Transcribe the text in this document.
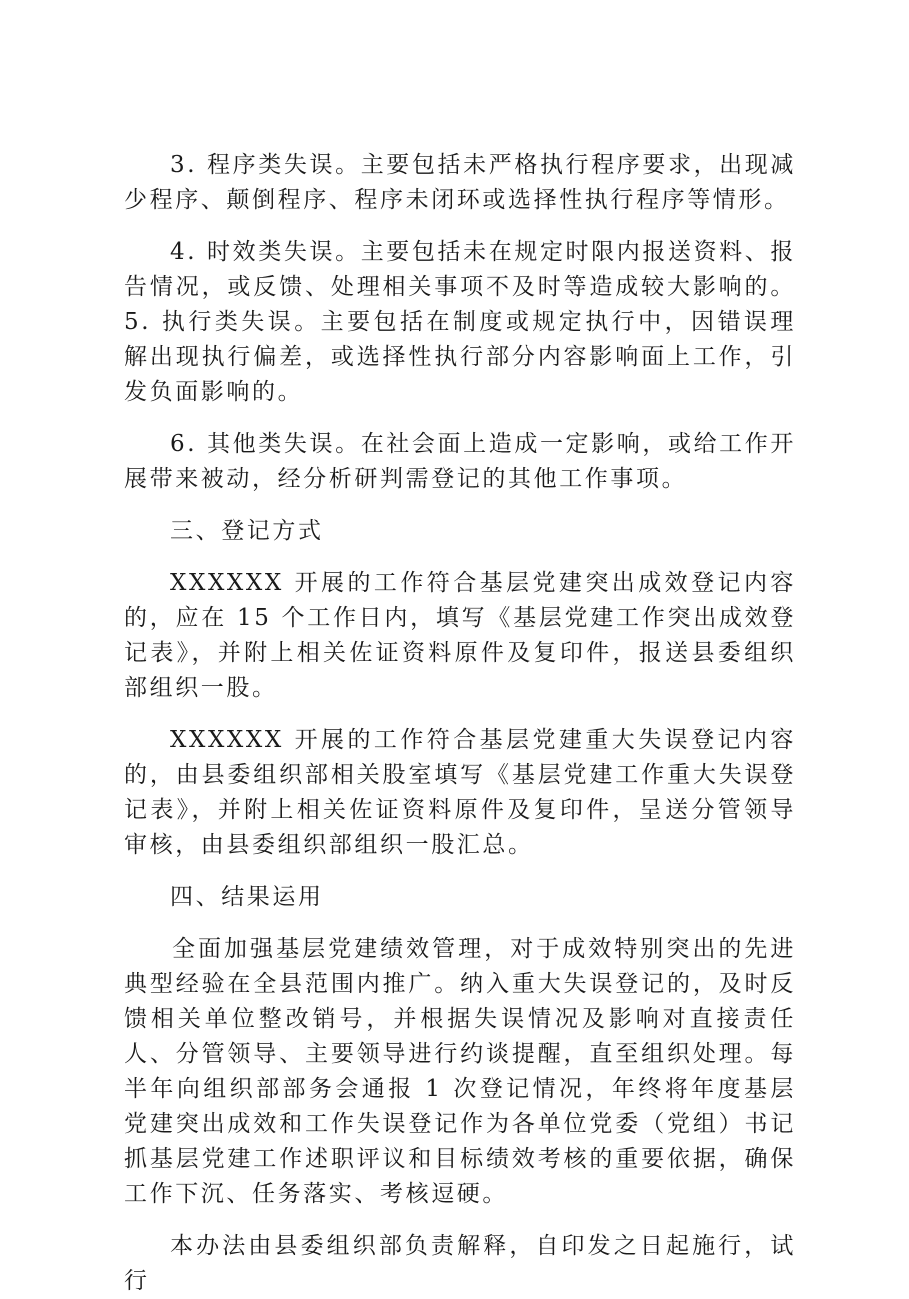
3. 程序类失误。主要包括未严格执行程序要求，出现减少程序、颠倒程序、程序未闭环或选择性执行程序等情形。

4. 时效类失误。主要包括未在规定时限内报送资料、报告情况，或反馈、处理相关事项不及时等造成较大影响的。 5. 执行类失误。主要包括在制度或规定执行中，因错误理解出现执行偏差，或选择性执行部分内容影响面上工作，引发负面影响的。

6. 其他类失误。在社会面上造成一定影响，或给工作开展带来被动，经分析研判需登记的其他工作事项。

三、登记方式

XXXXXX 开展的工作符合基层党建突出成效登记内容的，应在 15 个工作日内，填写《基层党建工作突出成效登记表》，并附上相关佐证资料原件及复印件，报送县委组织部组织一股。

XXXXXX 开展的工作符合基层党建重大失误登记内容的，由县委组织部相关股室填写《基层党建工作重大失误登记表》，并附上相关佐证资料原件及复印件，呈送分管领导审核，由县委组织部组织一股汇总。

四、结果运用

全面加强基层党建绩效管理，对于成效特别突出的先进典型经验在全县范围内推广。纳入重大失误登记的，及时反馈相关单位整改销号，并根据失误情况及影响对直接责任人、分管领导、主要领导进行约谈提醒，直至组织处理。每半年向组织部部务会通报 1 次登记情况，年终将年度基层党建突出成效和工作失误登记作为各单位党委（党组）书记抓基层党建工作述职评议和目标绩效考核的重要依据，确保工作下沉、任务落实、考核逗硬。

本办法由县委组织部负责解释，自印发之日起施行，试行
